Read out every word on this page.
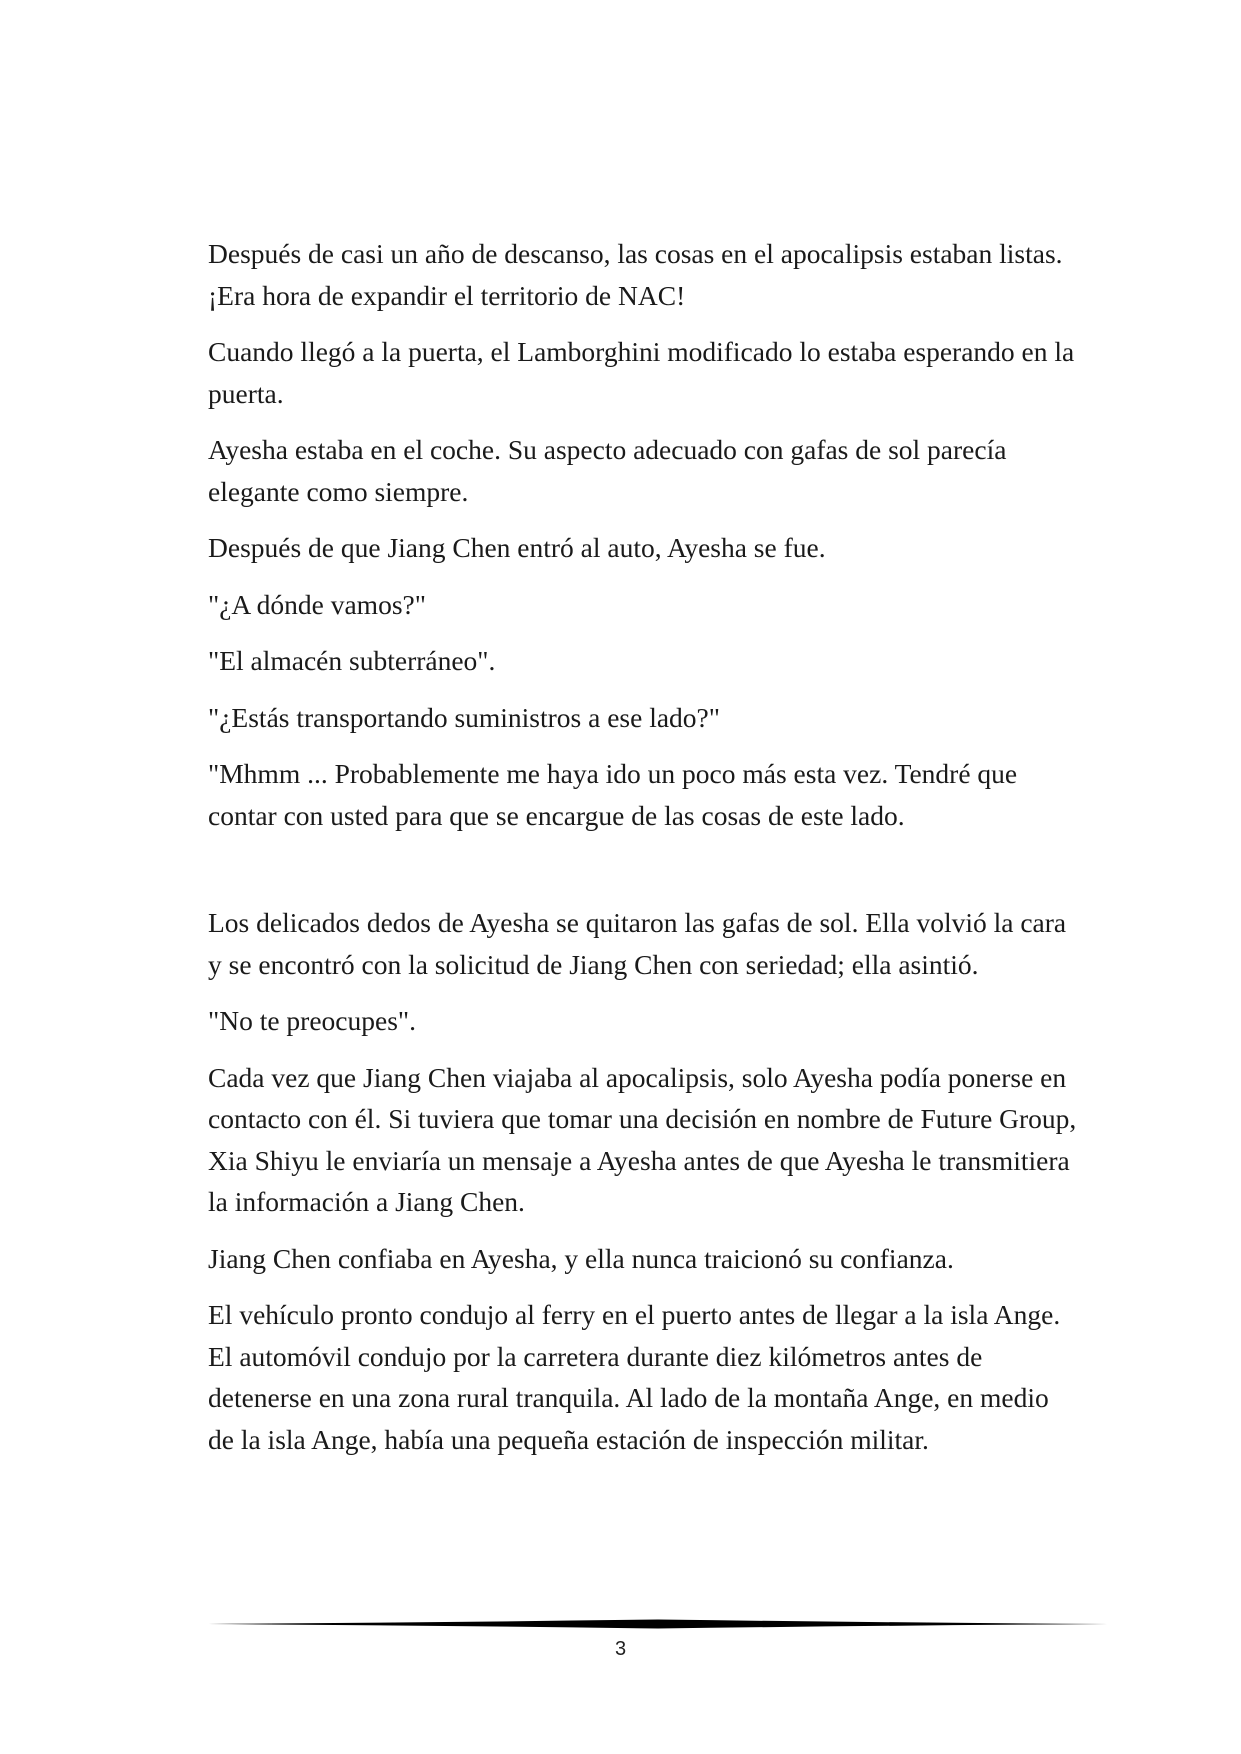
Después de casi un año de descanso, las cosas en el apocalipsis estaban listas. ¡Era hora de expandir el territorio de NAC!

Cuando llegó a la puerta, el Lamborghini modificado lo estaba esperando en la puerta.

Ayesha estaba en el coche. Su aspecto adecuado con gafas de sol parecía elegante como siempre.

Después de que Jiang Chen entró al auto, Ayesha se fue.

"¿A dónde vamos?"

"El almacén subterráneo".

"¿Estás transportando suministros a ese lado?"

"Mhmm ... Probablemente me haya ido un poco más esta vez. Tendré que contar con usted para que se encargue de las cosas de este lado.

Los delicados dedos de Ayesha se quitaron las gafas de sol. Ella volvió la cara y se encontró con la solicitud de Jiang Chen con seriedad; ella asintió.

"No te preocupes".

Cada vez que Jiang Chen viajaba al apocalipsis, solo Ayesha podía ponerse en contacto con él. Si tuviera que tomar una decisión en nombre de Future Group, Xia Shiyu le enviaría un mensaje a Ayesha antes de que Ayesha le transmitiera la información a Jiang Chen.

Jiang Chen confiaba en Ayesha, y ella nunca traicionó su confianza.

El vehículo pronto condujo al ferry en el puerto antes de llegar a la isla Ange. El automóvil condujo por la carretera durante diez kilómetros antes de detenerse en una zona rural tranquila. Al lado de la montaña Ange, en medio de la isla Ange, había una pequeña estación de inspección militar.

3
